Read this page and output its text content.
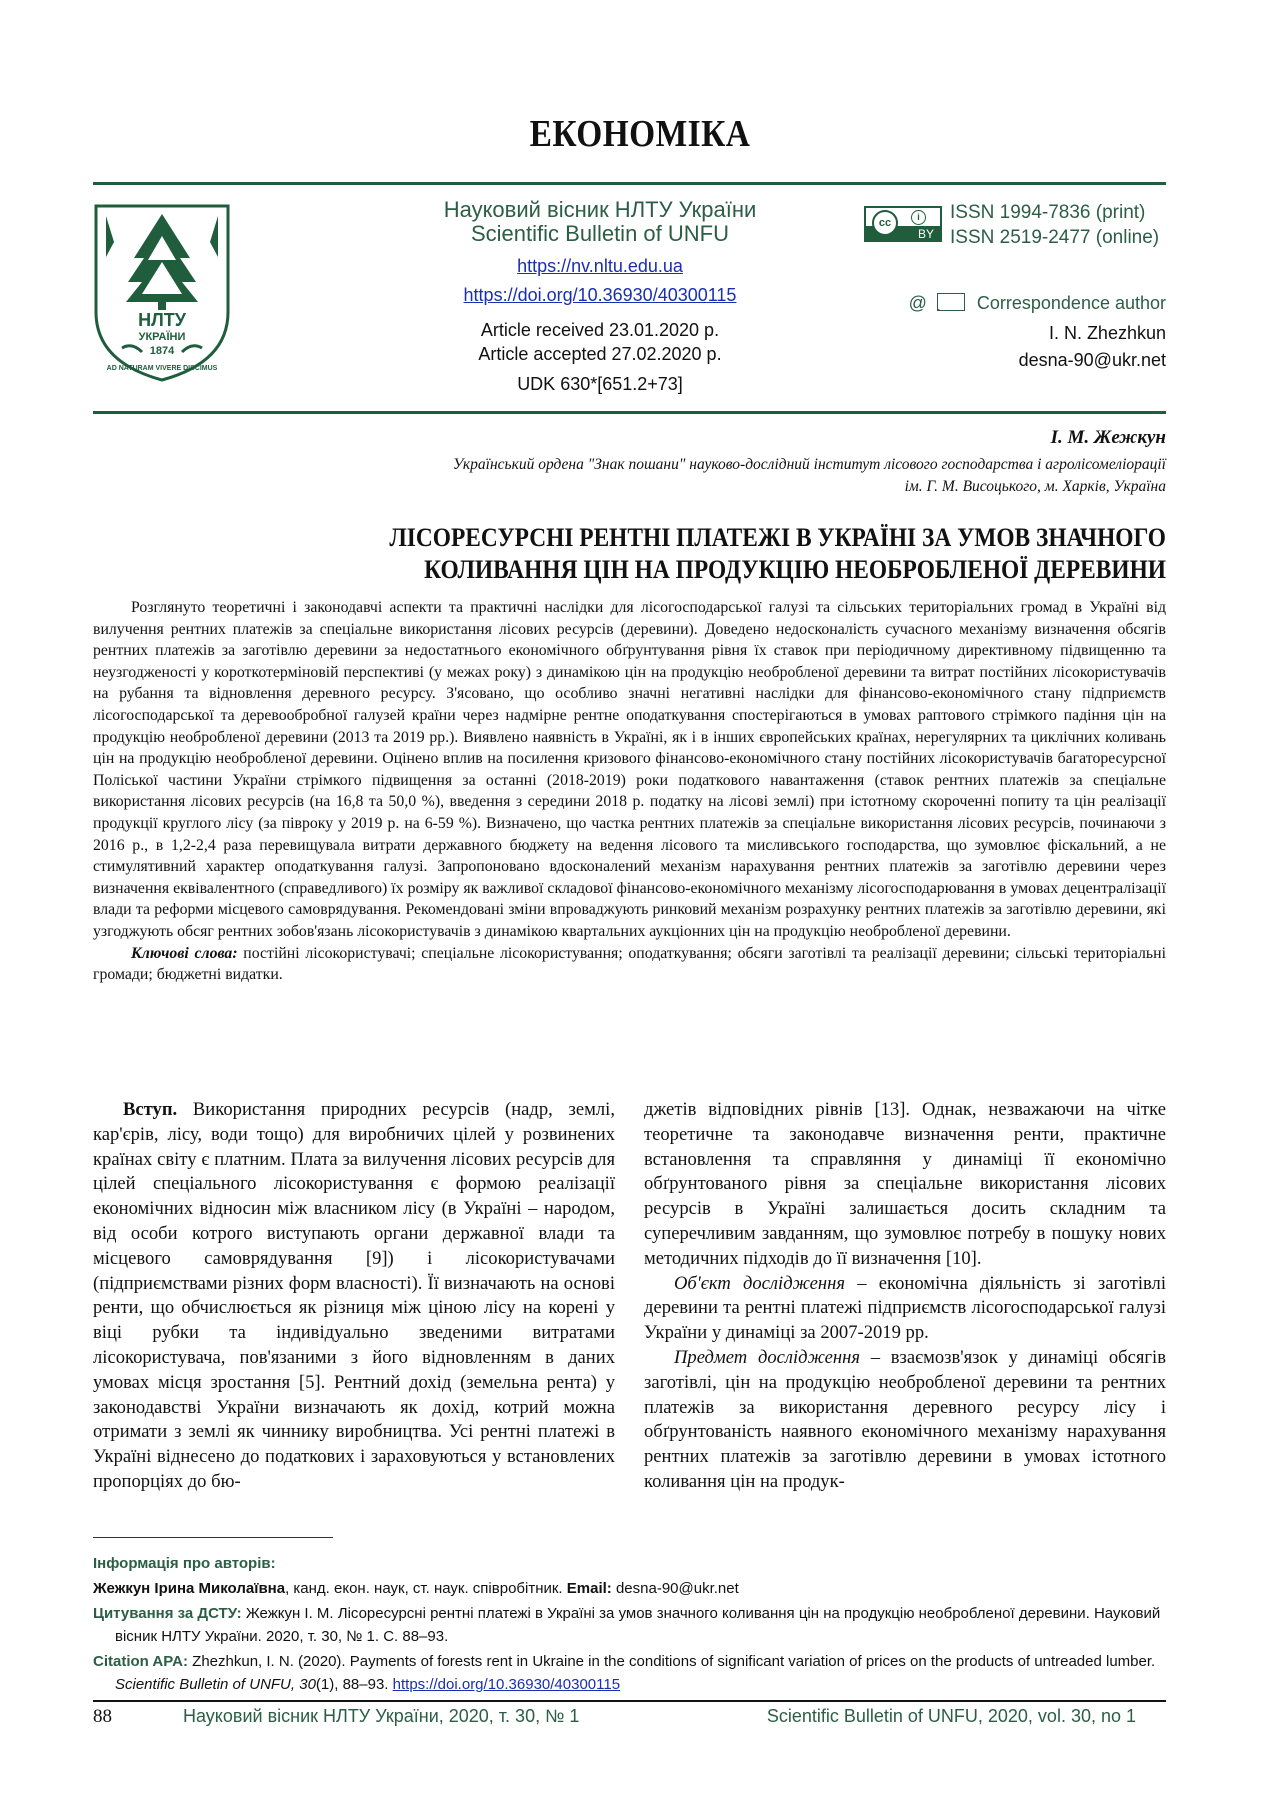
ЕКОНОМІКА
НЛТУ
УКРАЇНИ
1874
AD NATURAM VIVERE DISCIMUS
Науковий вісник НЛТУ України
Scientific Bulletin of UNFU
https://nv.nltu.edu.ua
https://doi.org/10.36930/40300115
Article received 23.01.2020 р.
Article accepted 27.02.2020 р.
UDK 630*[651.2+73]
cc	i
BY
ISSN 1994-7836 (print)
ISSN 2519-2477 (online)
@	Correspondence author
I. N. Zhezhkun
desna-90@ukr.net
І. М. Жежкун
Український ордена "Знак пошани" науково-дослідний інститут лісового господарства і агролісомеліорації
ім. Г. М. Висоцького, м. Харків, Україна
ЛІСОРЕСУРСНІ РЕНТНІ ПЛАТЕЖІ В УКРАЇНІ ЗА УМОВ ЗНАЧНОГО
КОЛИВАННЯ ЦІН НА ПРОДУКЦІЮ НЕОБРОБЛЕНОЇ ДЕРЕВИНИ

Розглянуто теоретичні і законодавчі аспекти та практичні наслідки для лісогосподарської галузі та сільських територіальних громад в Україні від вилучення рентних платежів за спеціальне використання лісових ресурсів (деревини). Доведено недосконалість сучасного механізму визначення обсягів рентних платежів за заготівлю деревини за недостатнього економічного обґрунтування рівня їх ставок при періодичному директивному підвищенню та неузгодженості у короткотерміновій перспективі (у межах року) з динамікою цін на продукцію необробленої деревини та витрат постійних лісокористувачів на рубання та відновлення деревного ресурсу. З'ясовано, що особливо значні негативні наслідки для фінансово-економічного стану підприємств лісогосподарської та деревообробної галузей країни через надмірне рентне оподаткування спостерігаються в умовах раптового стрімкого падіння цін на продукцію необробленої деревини (2013 та 2019 рр.). Виявлено наявність в Україні, як і в інших європейських країнах, нерегулярних та циклічних коливань цін на продукцію необробленої деревини. Оцінено вплив на посилення кризового фінансово-економічного стану постійних лісокористувачів багаторесурсної Поліської частини України стрімкого підвищення за останні (2018-2019) роки податкового навантаження (ставок рентних платежів за спеціальне використання лісових ресурсів (на 16,8 та 50,0 %), введення з середини 2018 р. податку на лісові землі) при істотному скороченні попиту та цін реалізації продукції круглого лісу (за півроку у 2019 р. на 6-59 %). Визначено, що частка рентних платежів за спеціальне використання лісових ресурсів, починаючи з 2016 р., в 1,2-2,4 раза перевищувала витрати державного бюджету на ведення лісового та мисливського господарства, що зумовлює фіскальний, а не стимулятивний характер оподаткування галузі. Запропоновано вдосконалений механізм нарахування рентних платежів за заготівлю деревини через визначення еквівалентного (справедливого) їх розміру як важливої складової фінансово-економічного механізму лісогосподарювання в умовах децентралізації влади та реформи місцевого самоврядування. Рекомендовані зміни впроваджують ринковий механізм розрахунку рентних платежів за заготівлю деревини, які узгоджують обсяг рентних зобов'язань лісокористувачів з динамікою квартальних аукціонних цін на продукцію необробленої деревини.

Ключові слова: постійні лісокористувачі; спеціальне лісокористування; оподаткування; обсяги заготівлі та реалізації деревини; сільські територіальні громади; бюджетні видатки.

Вступ. Використання природних ресурсів (надр, землі, кар'єрів, лісу, води тощо) для виробничих цілей у розвинених країнах світу є платним. Плата за вилучення лісових ресурсів для цілей спеціального лісокористування є формою реалізації економічних відносин між власником лісу (в Україні – народом, від особи котрого виступають органи державної влади та місцевого самоврядування [9]) і лісокористувачами (підприємствами різних форм власності). Її визначають на основі ренти, що обчислюється як різниця між ціною лісу на корені у віці рубки та індивідуально зведеними витратами лісокористувача, пов'язаними з його відновленням в даних умовах місця зростання [5]. Рентний дохід (земельна рента) у законодавстві України визначають як дохід, котрий можна отримати з землі як чиннику виробництва. Усі рентні платежі в Україні віднесено до податкових і зараховуються у встановлених пропорціях до бю-

джетів відповідних рівнів [13]. Однак, незважаючи на чітке теоретичне та законодавче визначення ренти, практичне встановлення та справляння у динаміці її економічно обґрунтованого рівня за спеціальне використання лісових ресурсів в Україні залишається досить складним та суперечливим завданням, що зумовлює потребу в пошуку нових методичних підходів до її визначення [10].

Об'єкт дослідження – економічна діяльність зі заготівлі деревини та рентні платежі підприємств лісогосподарської галузі України у динаміці за 2007-2019 рр.

Предмет дослідження – взаємозв'язок у динаміці обсягів заготівлі, цін на продукцію необробленої деревини та рентних платежів за використання деревного ресурсу лісу і обґрунтованість наявного економічного механізму нарахування рентних платежів за заготівлю деревини в умовах істотного коливання цін на продук-

Інформація про авторів:
Жежкун Ірина Миколаївна, канд. екон. наук, ст. наук. співробітник. Email: desna-90@ukr.net
Цитування за ДСТУ: Жежкун І. М. Лісоресурсні рентні платежі в Україні за умов значного коливання цін на продукцію необробленої деревини. Науковий вісник НЛТУ України. 2020, т. 30, № 1. С. 88–93.
Citation APA: Zhezhkun, I. N. (2020). Payments of forests rent in Ukraine in the conditions of significant variation of prices on the products of untreaded lumber. Scientific Bulletin of UNFU, 30(1), 88–93. https://doi.org/10.36930/40300115
88	Науковий вісник НЛТУ України, 2020, т. 30, № 1	Scientific Bulletin of UNFU, 2020, vol. 30, no 1
